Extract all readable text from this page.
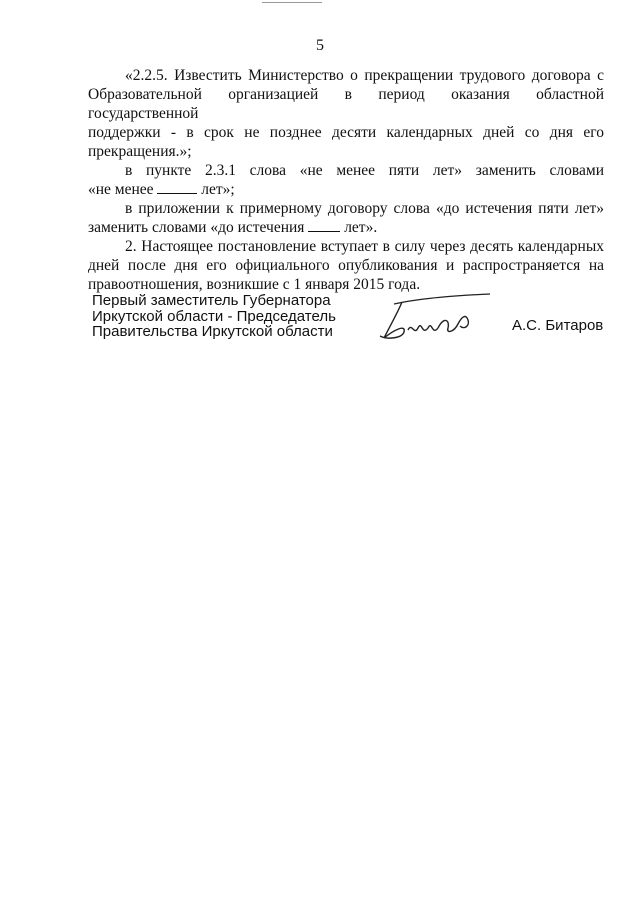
5

«2.2.5. Известить Министерство о прекращении трудового договора с
Образовательной организацией в период оказания областной государственной
поддержки - в срок не позднее десяти календарных дней со дня его
прекращения.»;

в пункте 2.3.1 слова «не менее пяти лет» заменить словами
«не менее	лет»;

в приложении к примерному договору слова «до истечения пяти лет»
заменить словами «до истечения	лет».

2. Настоящее постановление вступает в силу через десять календарных
дней после дня его официального опубликования и распространяется на
правоотношения, возникшие с 1 января 2015 года.

Первый заместитель Губернатора
Иркутской области - Председатель
Правительства Иркутской области	А.С. Битаров
